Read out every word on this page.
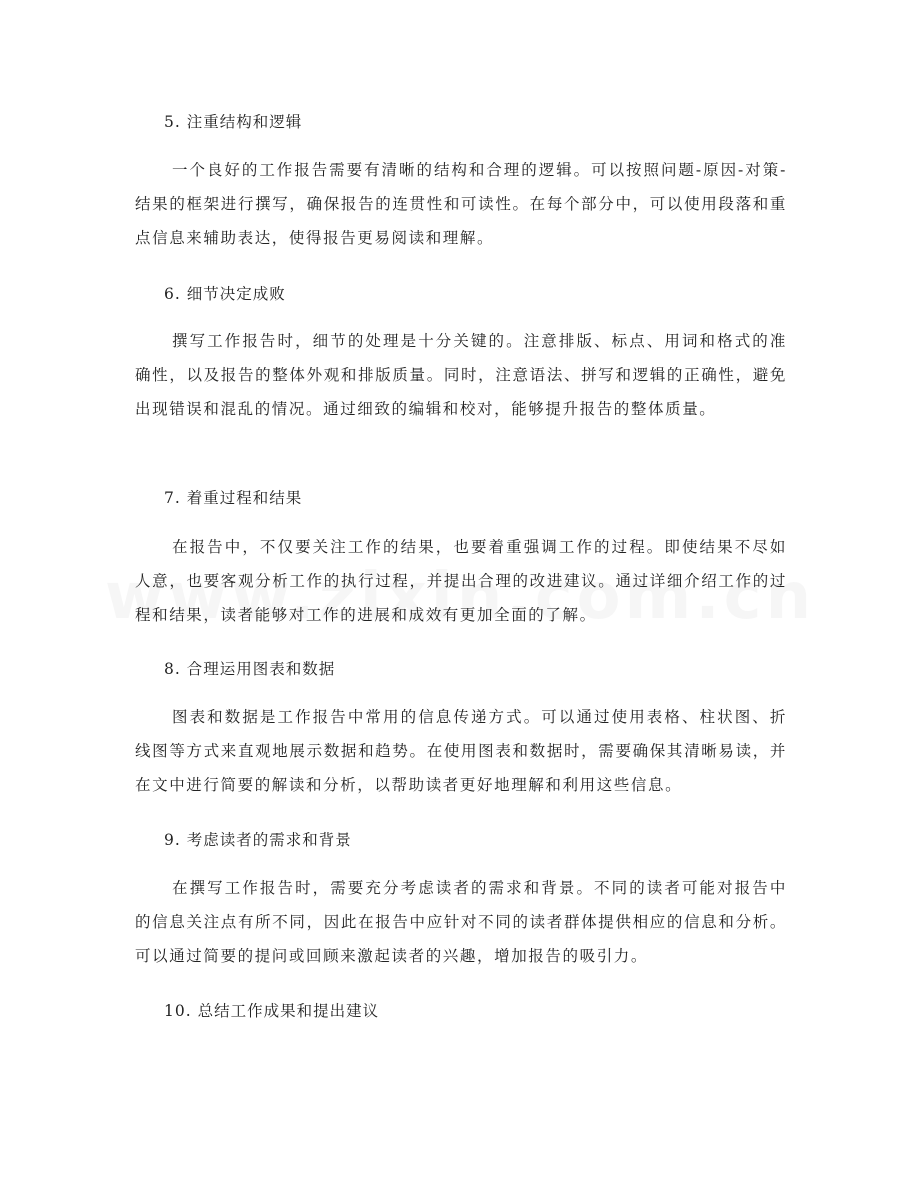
5. 注重结构和逻辑

一个良好的工作报告需要有清晰的结构和合理的逻辑。可以按照问题-原因-对策-结果的框架进行撰写，确保报告的连贯性和可读性。在每个部分中，可以使用段落和重点信息来辅助表达，使得报告更易阅读和理解。

6. 细节决定成败

撰写工作报告时，细节的处理是十分关键的。注意排版、标点、用词和格式的准确性，以及报告的整体外观和排版质量。同时，注意语法、拼写和逻辑的正确性，避免出现错误和混乱的情况。通过细致的编辑和校对，能够提升报告的整体质量。

7. 着重过程和结果

在报告中，不仅要关注工作的结果，也要着重强调工作的过程。即使结果不尽如人意，也要客观分析工作的执行过程，并提出合理的改进建议。通过详细介绍工作的过程和结果，读者能够对工作的进展和成效有更加全面的了解。

8. 合理运用图表和数据

图表和数据是工作报告中常用的信息传递方式。可以通过使用表格、柱状图、折线图等方式来直观地展示数据和趋势。在使用图表和数据时，需要确保其清晰易读，并在文中进行简要的解读和分析，以帮助读者更好地理解和利用这些信息。

9. 考虑读者的需求和背景

在撰写工作报告时，需要充分考虑读者的需求和背景。不同的读者可能对报告中的信息关注点有所不同，因此在报告中应针对不同的读者群体提供相应的信息和分析。可以通过简要的提问或回顾来激起读者的兴趣，增加报告的吸引力。

10. 总结工作成果和提出建议
